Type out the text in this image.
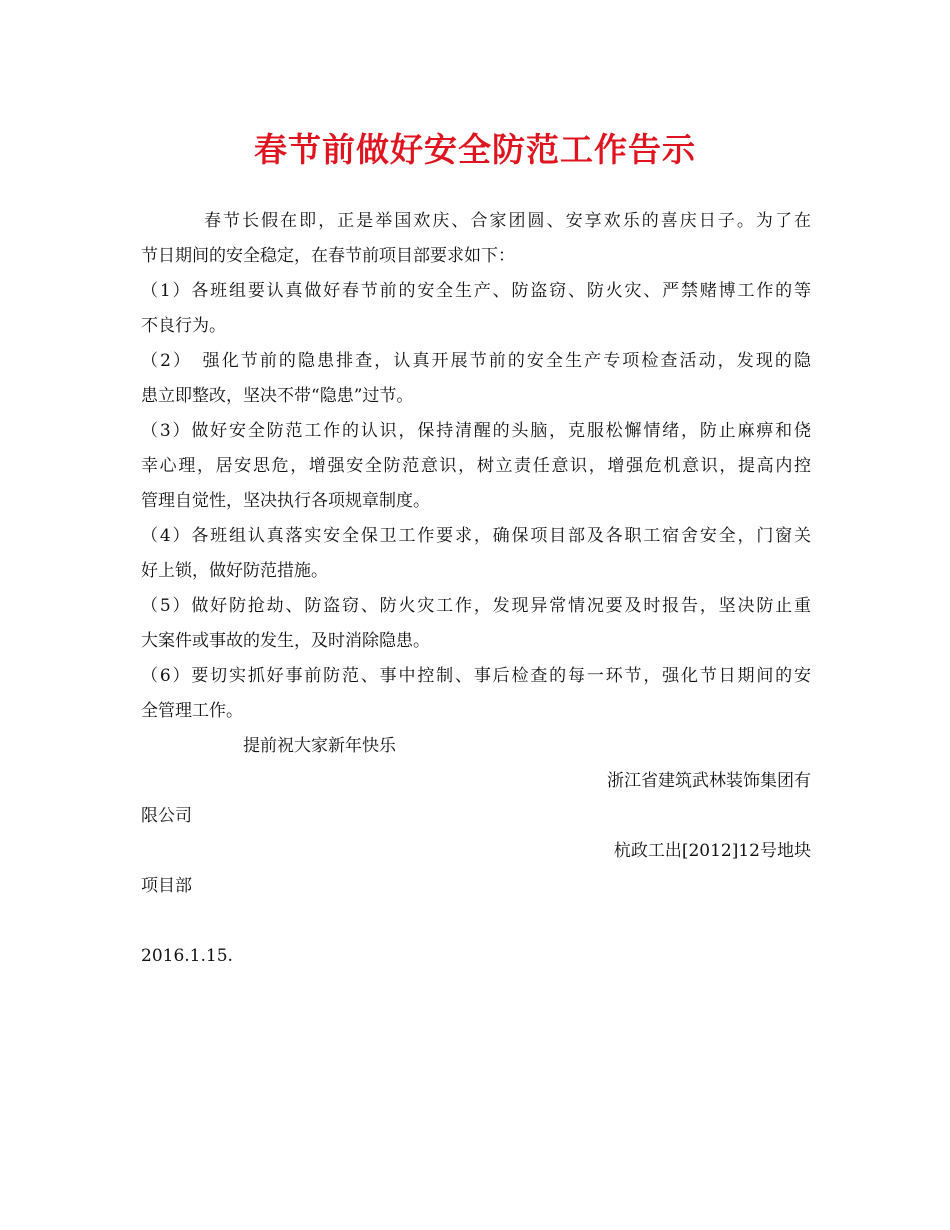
春节前做好安全防范工作告示
春节长假在即，正是举国欢庆、合家团圆、安享欢乐的喜庆日子。为了在
节日期间的安全稳定，在春节前项目部要求如下：
（1）各班组要认真做好春节前的安全生产、防盗窃、防火灾、严禁赌博工作的等
不良行为。
（2）　强化节前的隐患排查，认真开展节前的安全生产专项检查活动，发现的隐
患立即整改，坚决不带“隐患”过节。
（3）做好安全防范工作的认识，保持清醒的头脑，克服松懈情绪，防止麻痹和侥
幸心理，居安思危，增强安全防范意识，树立责任意识，增强危机意识，提高内控
管理自觉性，坚决执行各项规章制度。
（4）各班组认真落实安全保卫工作要求，确保项目部及各职工宿舍安全，门窗关
好上锁，做好防范措施。
（5）做好防抢劫、防盗窃、防火灾工作，发现异常情况要及时报告，坚决防止重
大案件或事故的发生，及时消除隐患。
（6）要切实抓好事前防范、事中控制、事后检查的每一环节，强化节日期间的安
全管理工作。
提前祝大家新年快乐
浙江省建筑武林装饰集团有
限公司
杭政工出[2012]12号地块
项目部
2016.1.15.
